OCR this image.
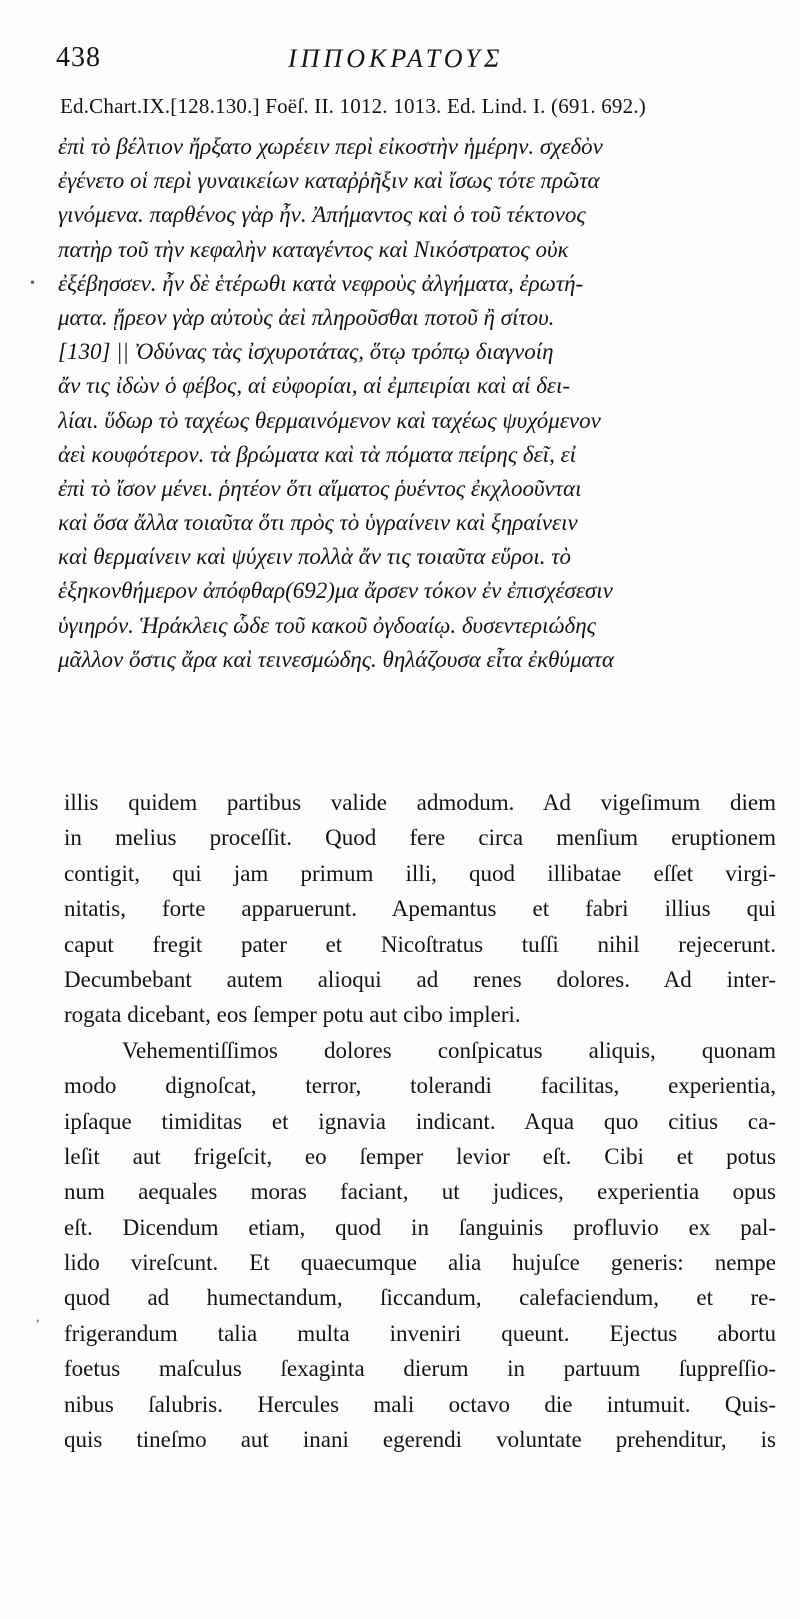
438	ΙΠΠΟΚΡΑΤΟΥΣ
Ed.Chart.IX.[128.130.] Foëſ. II. 1012. 1013. Ed. Lind. I. (691. 692.)
ἐπὶ τὸ βέλτιον ἤρξατο χωρέειν περὶ εἰκοστὴν ἡμέρην. σχεδὸν
ἐγένετο οἱ περὶ γυναικείων καταῤῥῆξιν καὶ ἴσως τότε πρῶτα
γινόμενα. παρθένος γὰρ ἦν. Ἀπήμαντος καὶ ὁ τοῦ τέκτονος
πατὴρ τοῦ τὴν κεφαλὴν καταγέντος καὶ Νικόστρατος οὐκ
ἐξέβησσεν. ἦν δὲ ἑτέρωθι κατὰ νεφροὺς ἀλγήματα, ἐρωτή-
ματα. ᾔρεον γὰρ αὐτοὺς ἀεὶ πληροῦσθαι ποτοῦ ἢ σίτου.
[130] || Ὀδύνας τὰς ἰσχυροτάτας, ὅτῳ τρόπῳ διαγνοίη
ἄν τις ἰδὼν ὁ φέβος, αἱ εὐφορίαι, αἱ ἐμπειρίαι καὶ αἱ δει-
λίαι. ὕδωρ τὸ ταχέως θερμαινόμενον καὶ ταχέως ψυχόμενον
ἀεὶ κουφότερον. τὰ βρώματα καὶ τὰ πόματα πείρης δεῖ, εἰ
ἐπὶ τὸ ἴσον μένει. ῥητέον ὅτι αἵματος ῥυέντος ἐκχλοοῦνται
καὶ ὅσα ἄλλα τοιαῦτα ὅτι πρὸς τὸ ὑγραίνειν καὶ ξηραίνειν
καὶ θερμαίνειν καὶ ψύχειν πολλὰ ἄν τις τοιαῦτα εὕροι. τὸ
ἑξηκονθήμερον ἀπόφθαρ(692)μα ἄρσεν τόκον ἐν ἐπισχέσεσιν
ὑγιηρόν. Ἡράκλεις ὧδε τοῦ κακοῦ ὀγδοαίῳ. δυσεντεριώδης
μᾶλλον ὅστις ἄρα καὶ τεινεσμώδης. θηλάζουσα εἶτα ἐκθύματα
illis quidem partibus valide admodum. Ad vigeſimum diem
in melius proceſſit. Quod fere circa menſium eruptionem
contigit, qui jam primum illi, quod illibatae eſſet virgi-
nitatis, forte apparuerunt. Apemantus et fabri illius qui
caput fregit pater et Nicoſtratus tuſſi nihil rejecerunt.
Decumbebant autem alioqui ad renes dolores. Ad inter-
rogata dicebant, eos ſemper potu aut cibo impleri.
Vehementiſſimos dolores conſpicatus aliquis, quonam
modo dignoſcat, terror, tolerandi facilitas, experientia,
ipſaque timiditas et ignavia indicant. Aqua quo citius ca-
leſit aut frigeſcit, eo ſemper levior eſt. Cibi et potus
num aequales moras faciant, ut judices, experientia opus
eſt. Dicendum etiam, quod in ſanguinis profluvio ex pal-
lido vireſcunt. Et quaecumque alia hujuſce generis: nempe
quod ad humectandum, ſiccandum, calefaciendum, et re-
frigerandum talia multa inveniri queunt. Ejectus abortu
foetus maſculus ſexaginta dierum in partuum ſuppreſſio-
nibus ſalubris. Hercules mali octavo die intumuit. Quis-
quis tineſmo aut inani egerendi voluntate prehenditur, is
•
,
